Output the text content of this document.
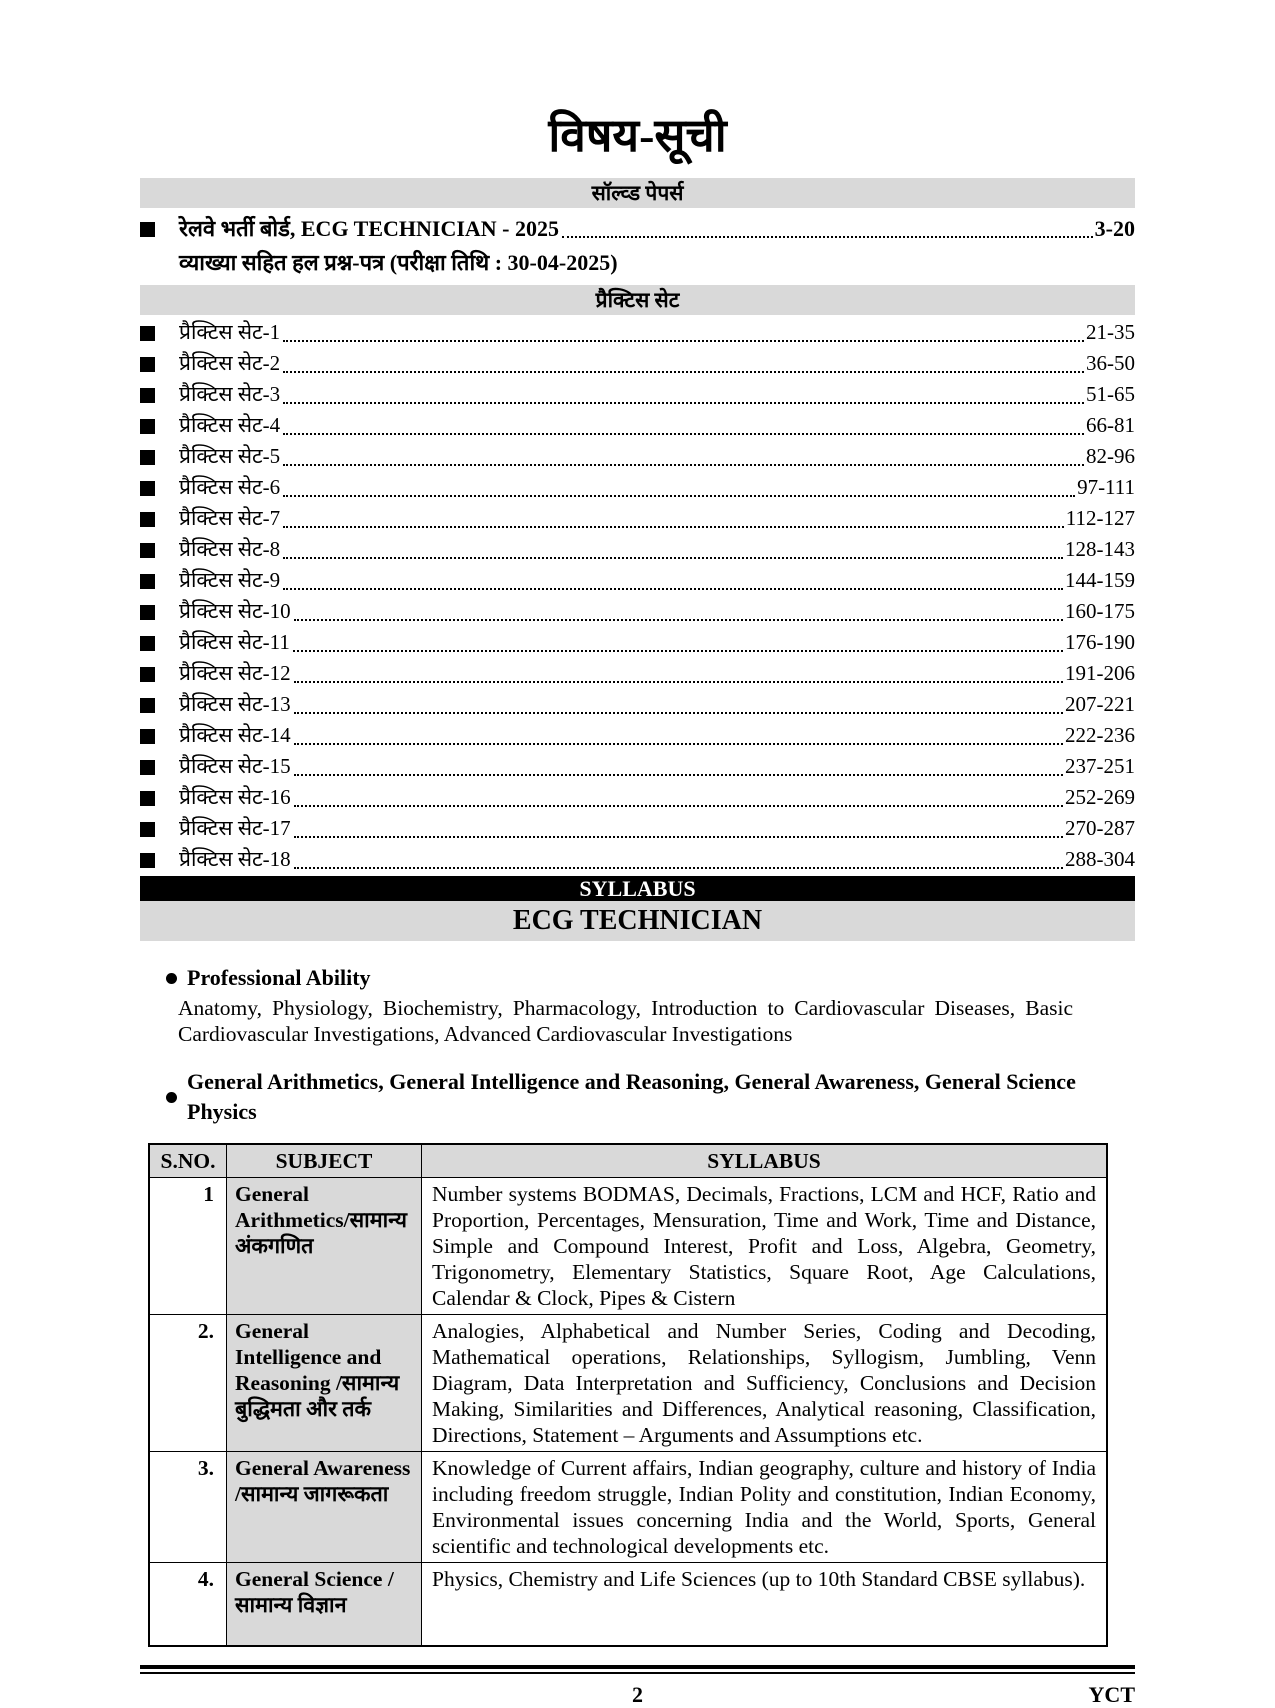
विषय-सूची
सॉल्व्ड पेपर्स
रेलवे भर्ती बोर्ड, ECG TECHNICIAN - 2025	3-20
व्याख्या सहित हल प्रश्न-पत्र (परीक्षा तिथि : 30-04-2025)
प्रैक्टिस सेट
प्रैक्टिस सेट-1	21-35
प्रैक्टिस सेट-2	36-50
प्रैक्टिस सेट-3	51-65
प्रैक्टिस सेट-4	66-81
प्रैक्टिस सेट-5	82-96
प्रैक्टिस सेट-6	97-111
प्रैक्टिस सेट-7	112-127
प्रैक्टिस सेट-8	128-143
प्रैक्टिस सेट-9	144-159
प्रैक्टिस सेट-10	160-175
प्रैक्टिस सेट-11	176-190
प्रैक्टिस सेट-12	191-206
प्रैक्टिस सेट-13	207-221
प्रैक्टिस सेट-14	222-236
प्रैक्टिस सेट-15	237-251
प्रैक्टिस सेट-16	252-269
प्रैक्टिस सेट-17	270-287
प्रैक्टिस सेट-18	288-304
SYLLABUS
ECG TECHNICIAN
Professional Ability
Anatomy, Physiology, Biochemistry, Pharmacology, Introduction to Cardiovascular Diseases, Basic Cardiovascular Investigations, Advanced Cardiovascular Investigations
General Arithmetics, General Intelligence and Reasoning, General Awareness, General Science Physics
S.NO.	SUBJECT	SYLLABUS
1	General Arithmetics/सामान्य अंकगणित	Number systems BODMAS, Decimals, Fractions, LCM and HCF, Ratio and Proportion, Percentages, Mensuration, Time and Work, Time and Distance, Simple and Compound Interest, Profit and Loss, Algebra, Geometry, Trigonometry, Elementary Statistics, Square Root, Age Calculations, Calendar & Clock, Pipes & Cistern
2.	General Intelligence and Reasoning /सामान्य बुद्धिमता और तर्क	Analogies, Alphabetical and Number Series, Coding and Decoding, Mathematical operations, Relationships, Syllogism, Jumbling, Venn Diagram, Data Interpretation and Sufficiency, Conclusions and Decision Making, Similarities and Differences, Analytical reasoning, Classification, Directions, Statement – Arguments and Assumptions etc.
3.	General Awareness /सामान्य जागरूकता	Knowledge of Current affairs, Indian geography, culture and history of India including freedom struggle, Indian Polity and constitution, Indian Economy, Environmental issues concerning India and the World, Sports, General scientific and technological developments etc.
4.	General Science /सामान्य विज्ञान	Physics, Chemistry and Life Sciences (up to 10th Standard CBSE syllabus).
2	YCT
